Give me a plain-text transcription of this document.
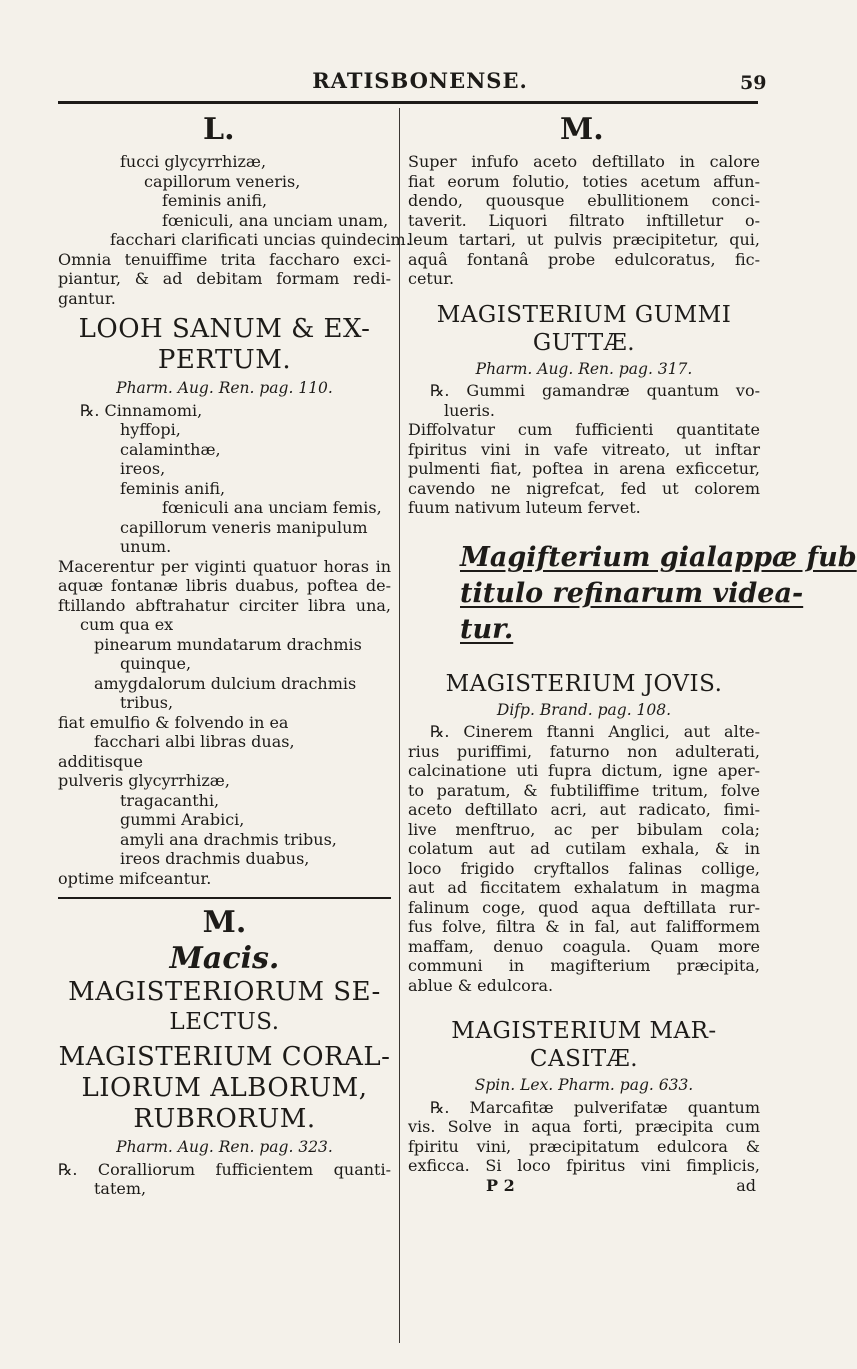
RATISBONENSE.	59
L.	M.
fucci glycyrrhizæ,
capillorum veneris,
feminis anifi,
fœniculi, ana unciam unam,
facchari clarificati uncias quindecim.
Omnia tenuiffime trita faccharo exci-
piantur, & ad debitam formam redi-
gantur.
LOOH SANUM & EX-
PERTUM.
Pharm. Aug. Ren. pag. 110.
℞. Cinnamomi,
hyffopi,
calaminthæ,
ireos,
feminis anifi,
fœniculi ana unciam femis,
capillorum veneris manipulum
unum.
Macerentur per viginti quatuor horas in
aquæ fontanæ libris duabus, poftea de-
ftillando abftrahatur circiter libra una,
cum qua ex
pinearum mundatarum drachmis
quinque,
amygdalorum dulcium drachmis
tribus,
fiat emulfio & folvendo in ea
facchari albi libras duas,
additisque
pulveris glycyrrhizæ,
tragacanthi,
gummi Arabici,
amyli ana drachmis tribus,
ireos drachmis duabus,
optime mifceantur.
M.
Macis.
MAGISTERIORUM SE-
LECTUS.
MAGISTERIUM CORAL-
LIORUM ALBORUM,
RUBRORUM.
Pharm. Aug. Ren. pag. 323.
℞. Coralliorum fufficientem quanti-
tatem,
Super infufo aceto deftillato in calore
fiat eorum folutio, toties acetum affun-
dendo, quousque ebullitionem conci-
taverit. Liquori filtrato inftilletur o-
leum tartari, ut pulvis præcipitetur, qui,
aquâ fontanâ probe edulcoratus, fic-
cetur.
MAGISTERIUM GUMMI
GUTTÆ.
Pharm. Aug. Ren. pag. 317.
℞. Gummi gamandræ quantum vo-
lueris.
Diffolvatur cum fufficienti quantitate
fpiritus vini in vafe vitreato, ut inftar
pulmenti fiat, poftea in arena exficcetur,
cavendo ne nigrefcat, fed ut colorem
fuum nativum luteum fervet.
Magifterium gialappæ fub
titulo refinarum videa-
tur.
MAGISTERIUM JOVIS.
Difp. Brand. pag. 108.
℞. Cinerem ftanni Anglici, aut alte-
rius puriffimi, faturno non adulterati,
calcinatione uti fupra dictum, igne aper-
to paratum, & fubtiliffime tritum, folve
aceto deftillato acri, aut radicato, fimi-
live menftruo, ac per bibulam cola;
colatum aut ad cutilam exhala, & in
loco frigido cryftallos falinas collige,
aut ad ficcitatem exhalatum in magma
falinum coge, quod aqua deftillata rur-
fus folve, filtra & in fal, aut falifformem
maffam, denuo coagula. Quam more
communi in magifterium præcipita,
ablue & edulcora.
MAGISTERIUM MAR-
CASITÆ.
Spin. Lex. Pharm. pag. 633.
℞. Marcafitæ pulverifatæ quantum
vis. Solve in aqua forti, præcipita cum
fpiritu vini, præcipitatum edulcora &
exficca. Si loco fpiritus vini fimplicis,
P 2	ad
